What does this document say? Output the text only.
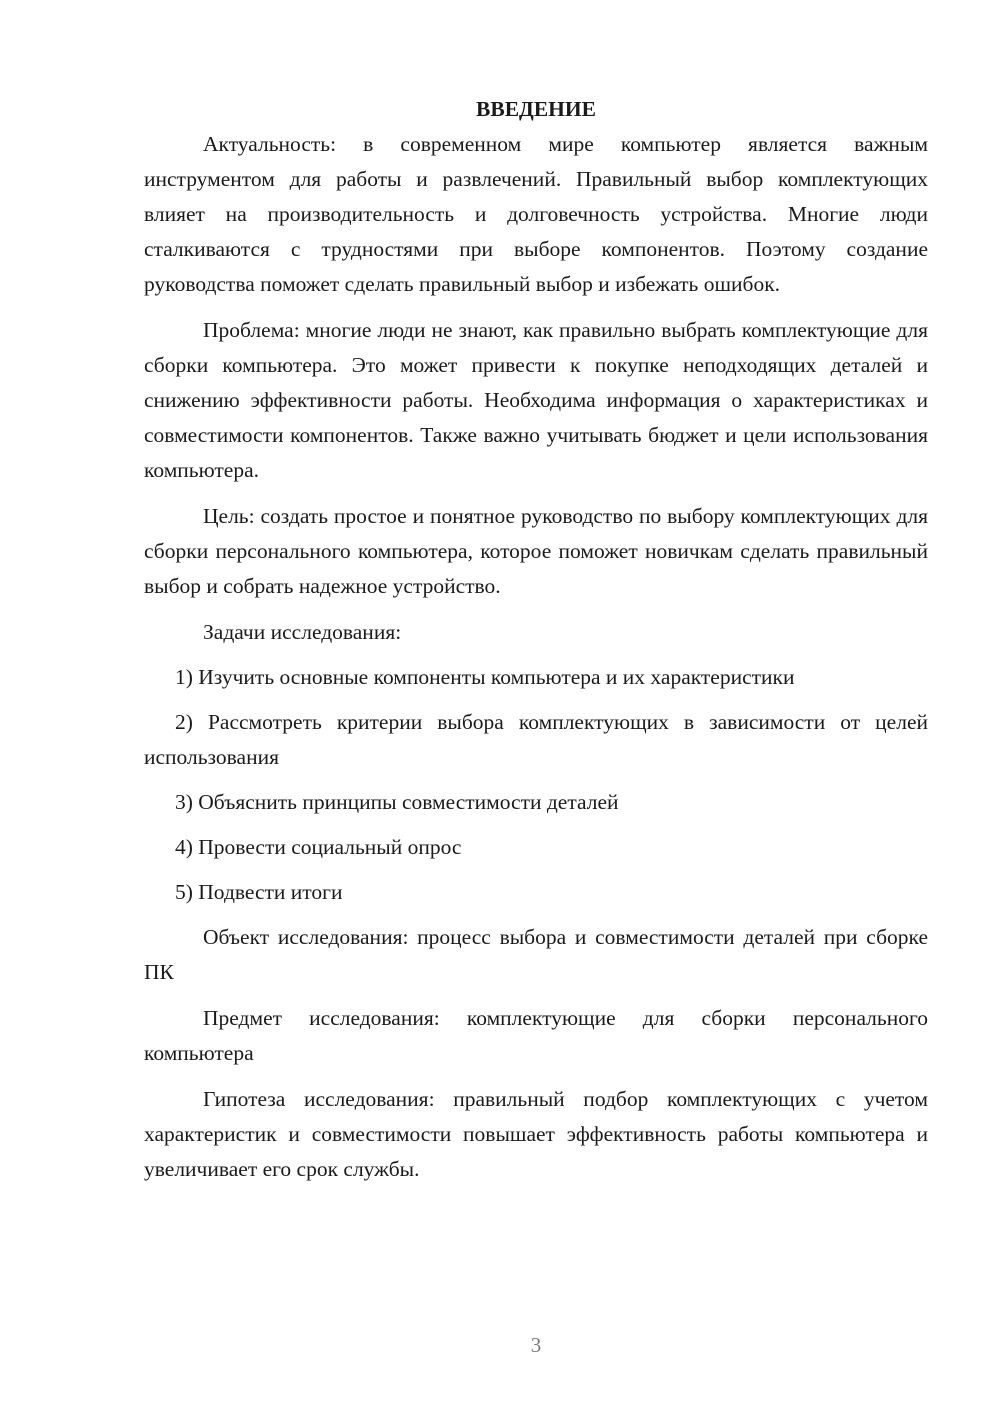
ВВЕДЕНИЕ

Актуальность: в современном мире компьютер является важным инструментом для работы и развлечений. Правильный выбор комплектующих влияет на производительность и долговечность устройства. Многие люди сталкиваются с трудностями при выборе компонентов. Поэтому создание руководства поможет сделать правильный выбор и избежать ошибок.

Проблема: многие люди не знают, как правильно выбрать комплектующие для сборки компьютера. Это может привести к покупке неподходящих деталей и снижению эффективности работы. Необходима информация о характеристиках и совместимости компонентов. Также важно учитывать бюджет и цели использования компьютера.

Цель: создать простое и понятное руководство по выбору комплектующих для сборки персонального компьютера, которое поможет новичкам сделать правильный выбор и собрать надежное устройство.

Задачи исследования:

1) Изучить основные компоненты компьютера и их характеристики

2) Рассмотреть критерии выбора комплектующих в зависимости от целей использования

3) Объяснить принципы совместимости деталей

4) Провести социальный опрос

5) Подвести итоги

Объект исследования: процесс выбора и совместимости деталей при сборке ПК

Предмет исследования: комплектующие для сборки персонального компьютера

Гипотеза исследования: правильный подбор комплектующих с учетом характеристик и совместимости повышает эффективность работы компьютера и увеличивает его срок службы.

3
